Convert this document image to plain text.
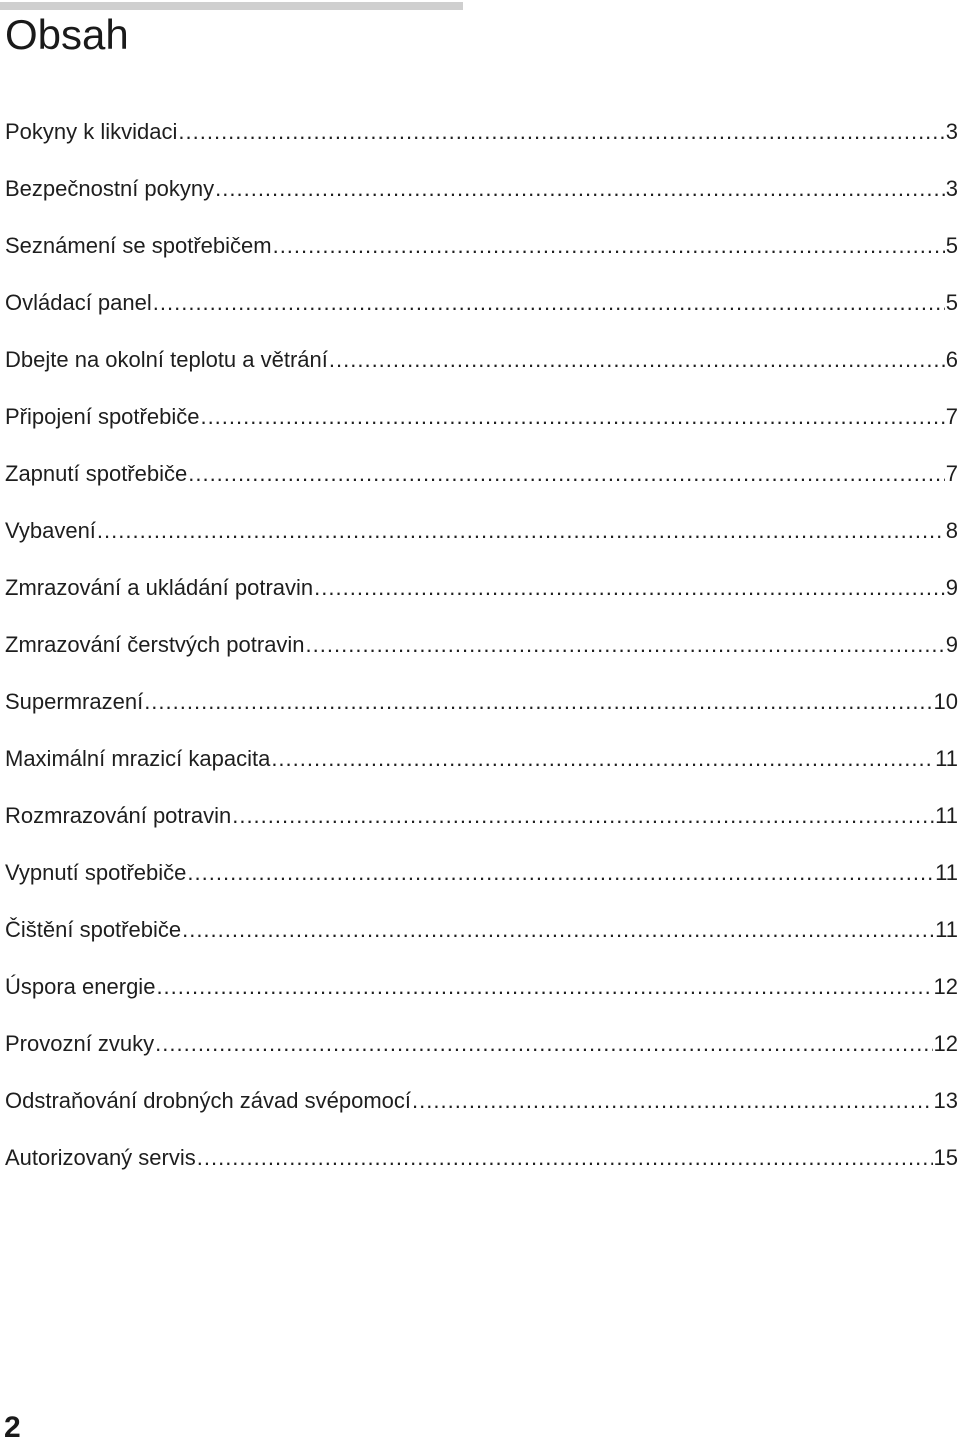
Obsah
Pokyny k likvidaci .....	3
Bezpečnostní pokyny .....	3
Seznámení se spotřebičem .....	5
Ovládací panel .....	5
Dbejte na okolní teplotu a větrání .....	6
Připojení spotřebiče .....	7
Zapnutí spotřebiče .....	7
Vybavení .....	8
Zmrazování a ukládání potravin .....	9
Zmrazování čerstvých potravin .....	9
Supermrazení .....	10
Maximální mrazicí kapacita .....	11
Rozmrazování potravin .....	11
Vypnutí spotřebiče .....	11
Čištění spotřebiče .....	11
Úspora energie .....	12
Provozní zvuky .....	12
Odstraňování drobných závad svépomocí .....	13
Autorizovaný servis .....	15
2
